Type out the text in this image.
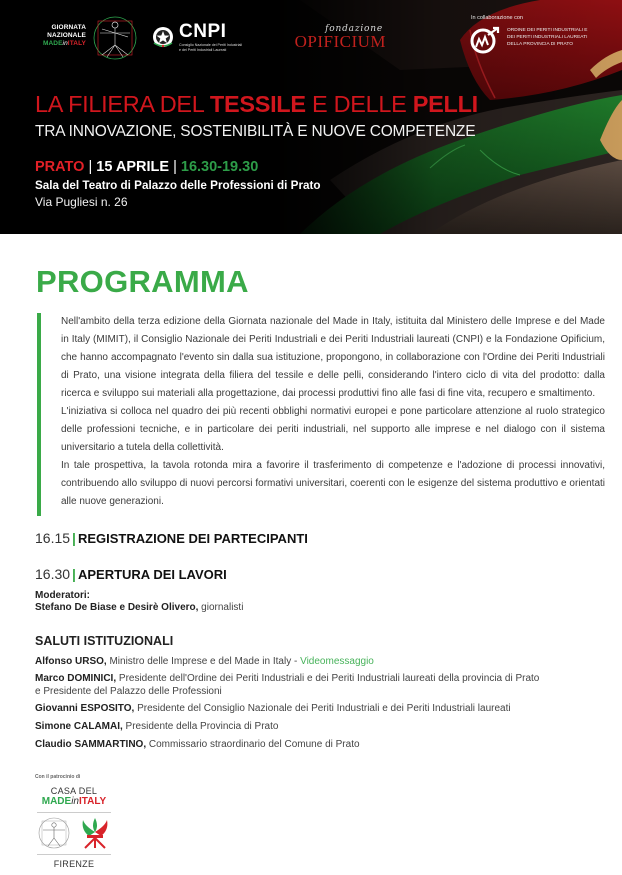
GIORNATA
NAZIONALE
MADEinITALY
CNPI
Consiglio Nazionale dei Periti Industriali
e dei Periti Industriali Laureati
fondazione
OPIFICIUM
In collaborazione con
ORDINE DEI PERITI INDUSTRIALI E
DEI PERITI INDUSTRIALI LAUREATI
DELLA PROVINCIA DI PRATO
LA FILIERA DEL TESSILE E DELLE PELLI
TRA INNOVAZIONE, SOSTENIBILITÀ E NUOVE COMPETENZE
PRATO | 15 APRILE | 16.30-19.30
Sala del Teatro di Palazzo delle Professioni di Prato
Via Pugliesi n. 26
PROGRAMMA

Nell'ambito della terza edizione della Giornata nazionale del Made in Italy, istituita dal Ministero delle Imprese e del Made in Italy (MIMIT), il Consiglio Nazionale dei Periti Industriali e dei Periti Industriali laureati (CNPI) e la Fondazione Opificium, che hanno accompagnato l'evento sin dalla sua istituzione, propongono, in collaborazione con l'Ordine dei Periti Industriali di Prato, una visione integrata della filiera del tessile e delle pelli, considerando l'intero ciclo di vita del prodotto: dalla ricerca e sviluppo sui materiali alla progettazione, dai processi produttivi fino alle fasi di fine vita, recupero e smaltimento.

L'iniziativa si colloca nel quadro dei più recenti obblighi normativi europei e pone particolare attenzione al ruolo strategico delle professioni tecniche, e in particolare dei periti industriali, nel supporto alle imprese e nel dialogo con il sistema universitario a tutela della collettività.

In tale prospettiva, la tavola rotonda mira a favorire il trasferimento di competenze e l'adozione di processi innovativi, contribuendo allo sviluppo di nuovi percorsi formativi universitari, coerenti con le esigenze del sistema produttivo e orientati alle nuove generazioni.

16.15 | REGISTRAZIONE DEI PARTECIPANTI
16.30 | APERTURA DEI LAVORI
Moderatori:
Stefano De Biase e Desirè Olivero, giornalisti
SALUTI ISTITUZIONALI
Alfonso URSO, Ministro delle Imprese e del Made in Italy - Videomessaggio
Marco DOMINICI, Presidente dell'Ordine dei Periti Industriali e dei Periti Industriali laureati della provincia di Prato
e Presidente del Palazzo delle Professioni
Giovanni ESPOSITO, Presidente del Consiglio Nazionale dei Periti Industriali e dei Periti Industriali laureati
Simone CALAMAI, Presidente della Provincia di Prato
Claudio SAMMARTINO, Commissario straordinario del Comune di Prato
Con il patrocinio di
CASA DEL
MADEinITALY
FIRENZE
